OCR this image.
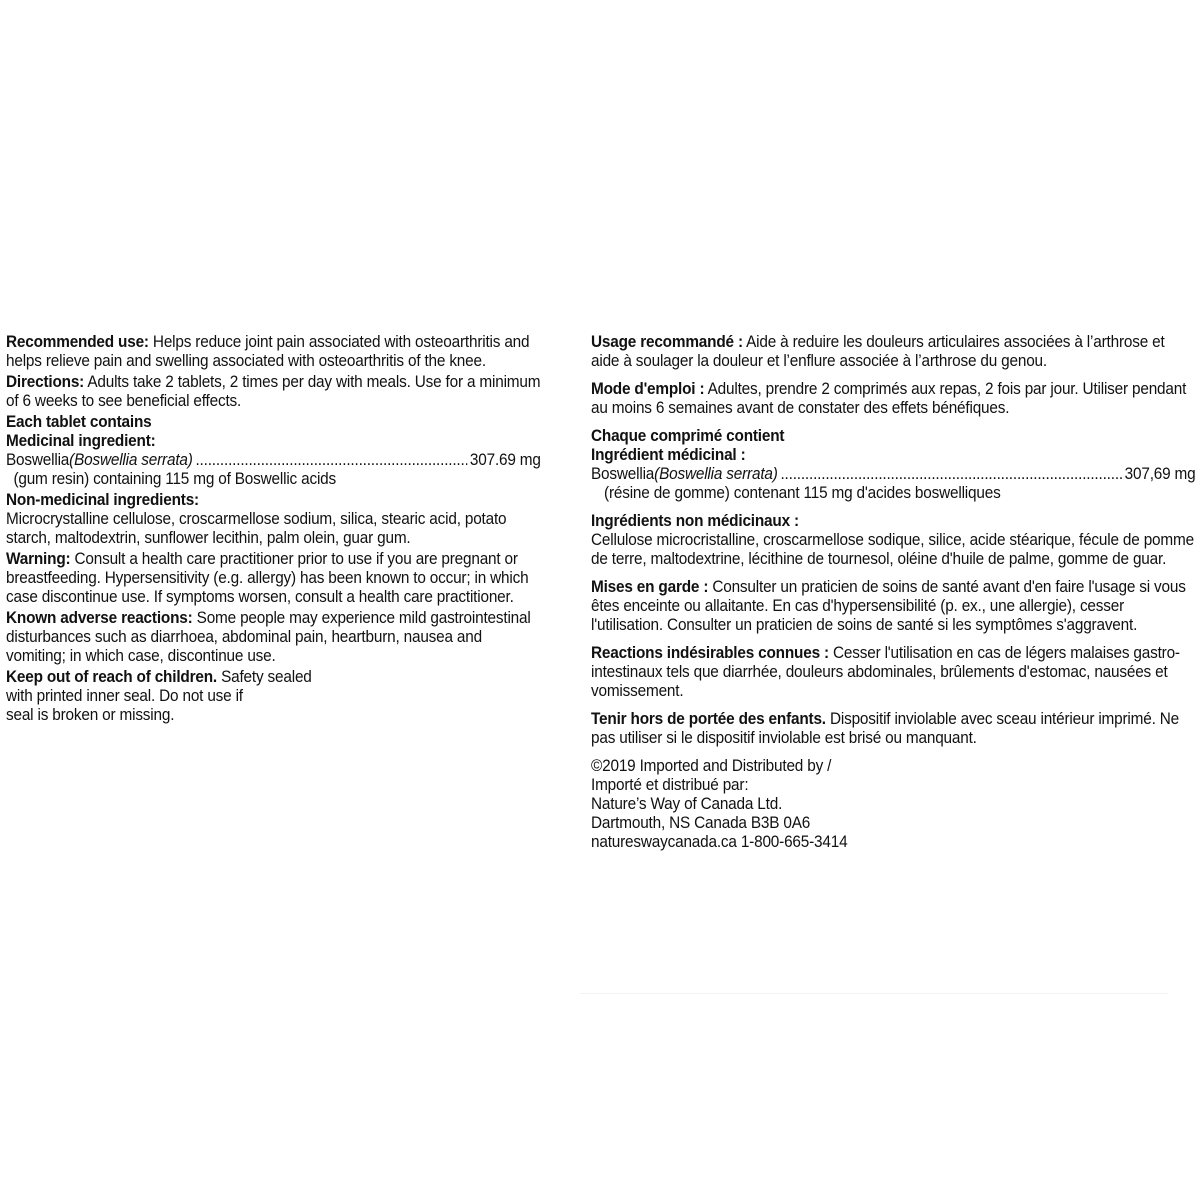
Recommended use: Helps reduce joint pain associated with osteoarthritis and helps relieve pain and swelling associated with osteoarthritis of the knee.
Directions: Adults take 2 tablets, 2 times per day with meals. Use for a minimum of 6 weeks to see beneficial effects.
Each tablet contains
Medicinal ingredient:
Boswellia (Boswellia serrata) .....	307.69 mg
(gum resin) containing 115 mg of Boswellic acids
Non-medicinal ingredients:
Microcrystalline cellulose, croscarmellose sodium, silica, stearic acid, potato starch, maltodextrin, sunflower lecithin, palm olein, guar gum.
Warning: Consult a health care practitioner prior to use if you are pregnant or breastfeeding. Hypersensitivity (e.g. allergy) has been known to occur; in which case discontinue use. If symptoms worsen, consult a health care practitioner.
Known adverse reactions: Some people may experience mild gastrointestinal disturbances such as diarrhoea, abdominal pain, heartburn, nausea and vomiting; in which case, discontinue use.
Keep out of reach of children. Safety sealed
with printed inner seal. Do not use if
seal is broken or missing.
Usage recommandé : Aide à reduire les douleurs articulaires associées à l’arthrose et aide à soulager la douleur et l’enflure associée à l’arthrose du genou.
Mode d'emploi : Adultes, prendre 2 comprimés aux repas, 2 fois par jour. Utiliser pendant au moins 6 semaines avant de constater des effets bénéfiques.
Chaque comprimé contient
Ingrédient médicinal :
Boswellia (Boswellia serrata) .....	307,69 mg
(résine de gomme) contenant 115 mg d'acides boswelliques
Ingrédients non médicinaux :
Cellulose microcristalline, croscarmellose sodique, silice, acide stéarique, fécule de pomme de terre, maltodextrine, lécithine de tournesol, oléine d'huile de palme, gomme de guar.
Mises en garde : Consulter un praticien de soins de santé avant d'en faire l'usage si vous êtes enceinte ou allaitante. En cas d'hypersensibilité (p. ex., une allergie), cesser l'utilisation. Consulter un praticien de soins de santé si les symptômes s'aggravent.
Reactions indésirables connues : Cesser l'utilisation en cas de légers malaises gastro-intestinaux tels que diarrhée, douleurs abdominales, brûlements d'estomac, nausées et vomissement.
Tenir hors de portée des enfants. Dispositif inviolable avec sceau intérieur imprimé. Ne pas utiliser si le dispositif inviolable est brisé ou manquant.
©2019 Imported and Distributed by /
Importé et distribué par:
Nature’s Way of Canada Ltd.
Dartmouth, NS Canada B3B 0A6
naturesway​canada.ca 1-800-665-3414
